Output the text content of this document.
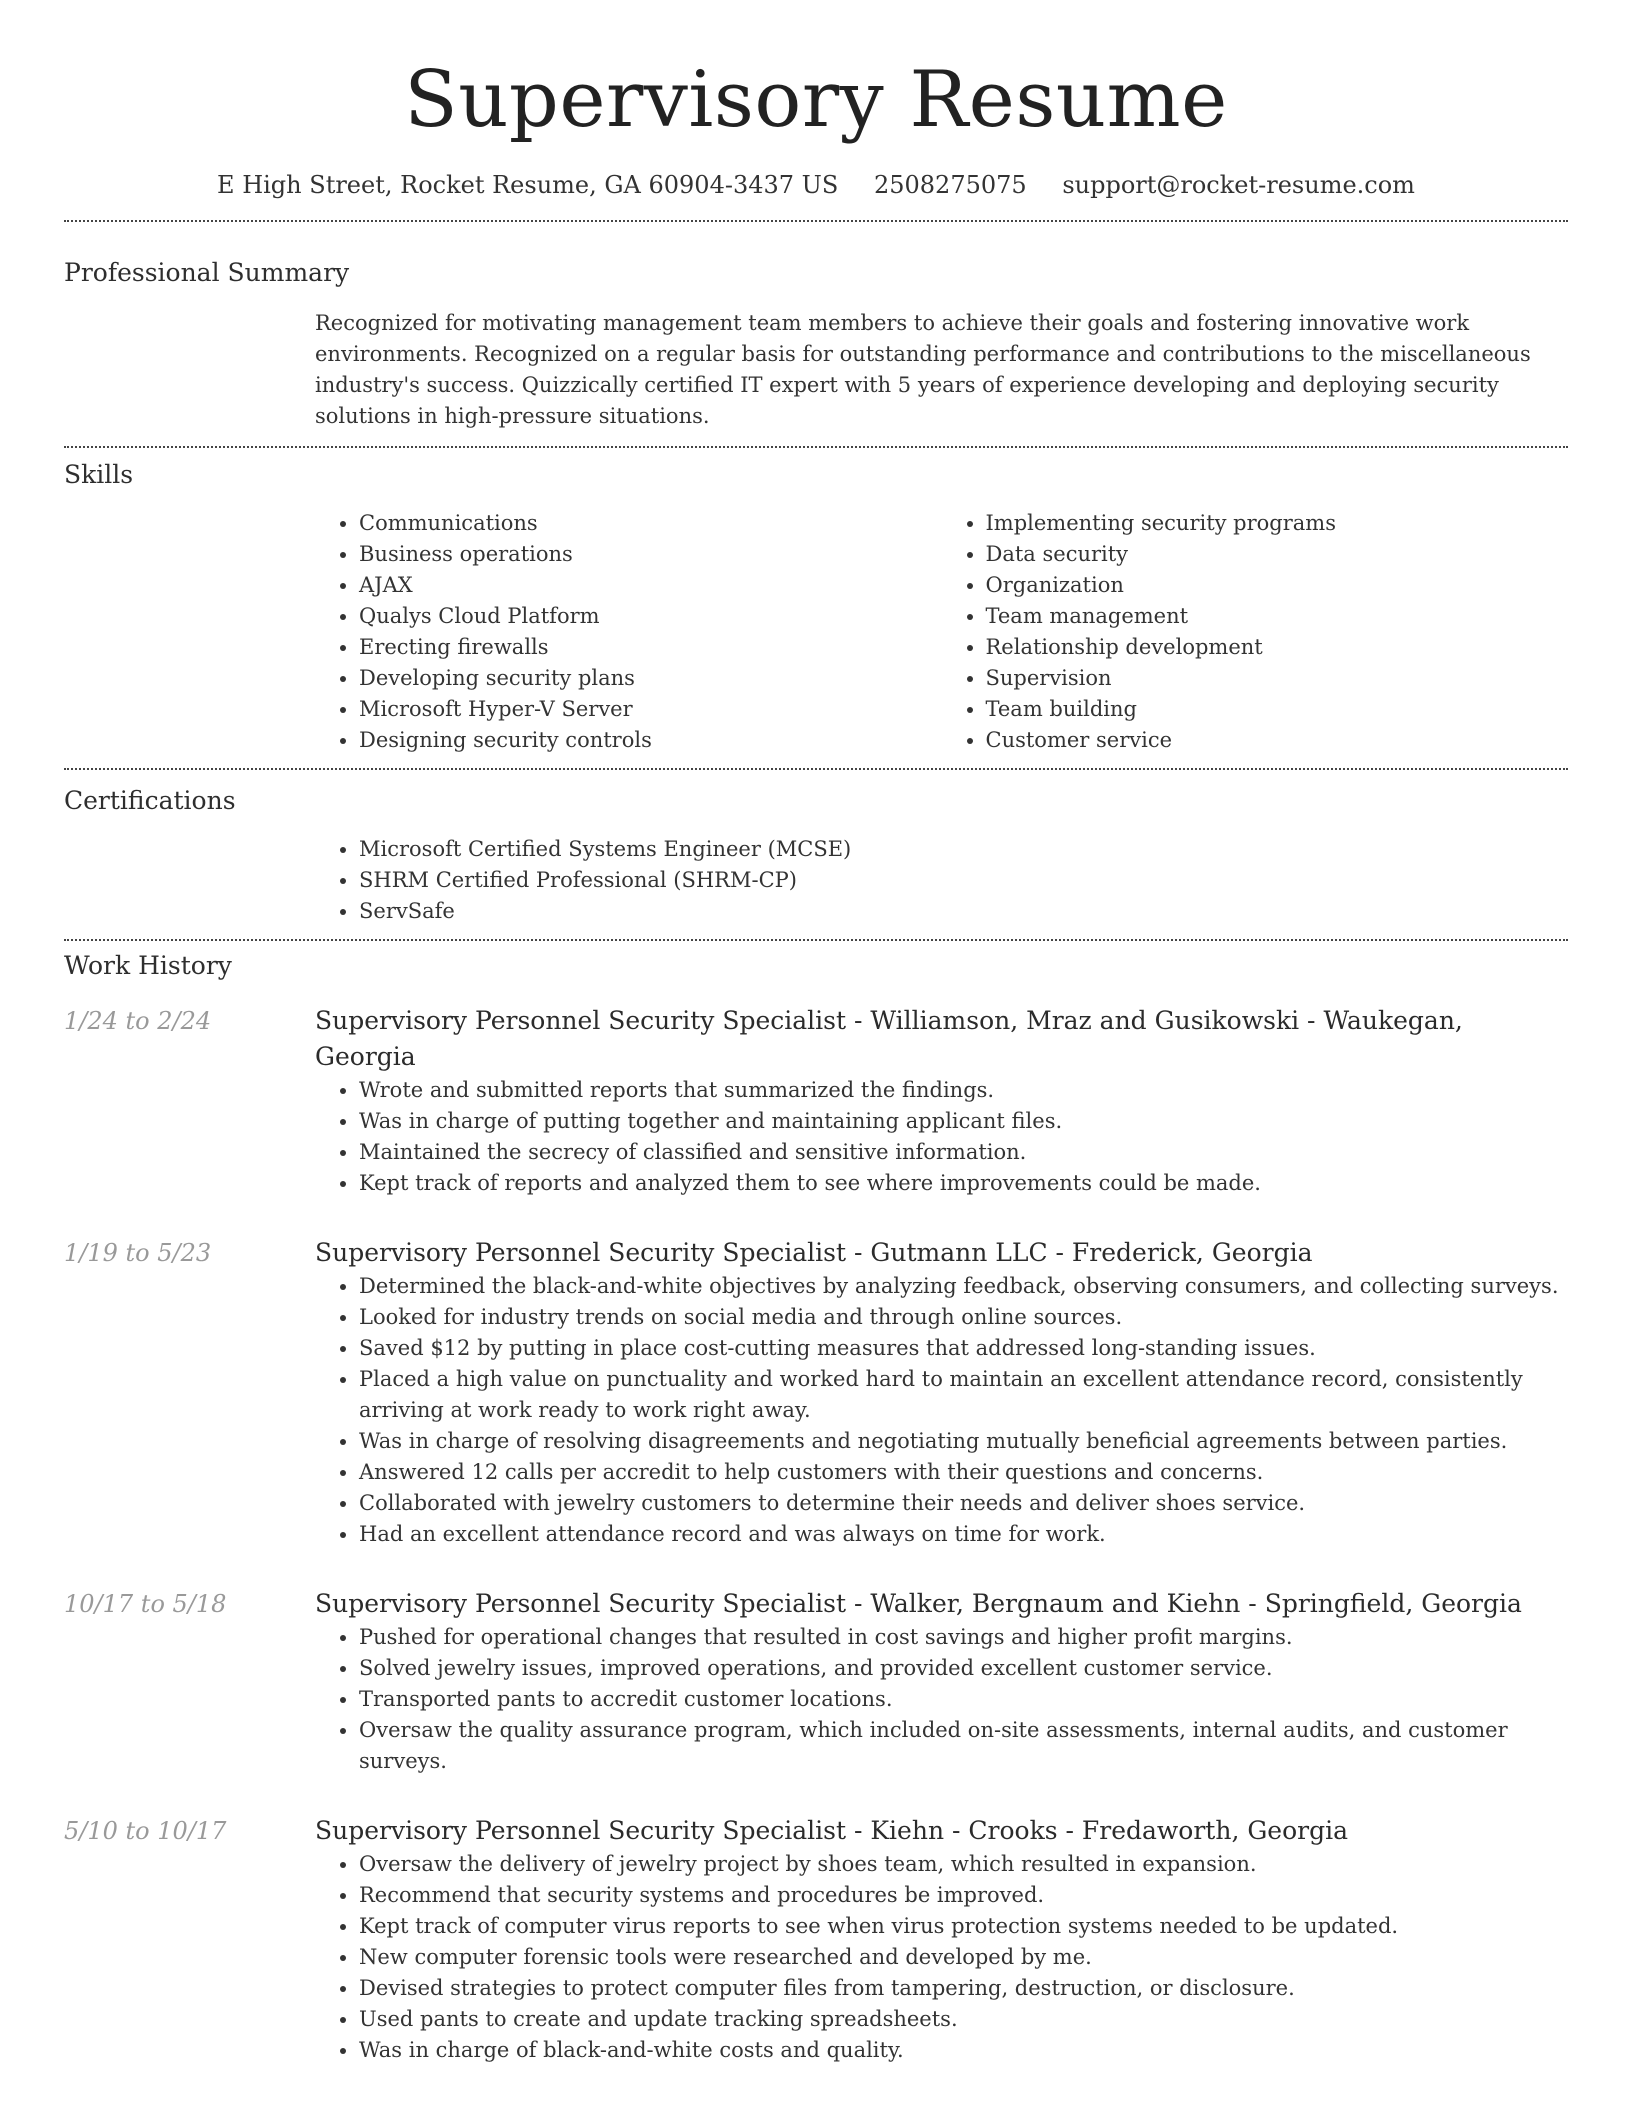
Supervisory Resume
E High Street, Rocket Resume, GA 60904-3437 US 2508275075 support@rocket-resume.com
Professional Summary
Recognized for motivating management team members to achieve their goals and fostering innovative work environments. Recognized on a regular basis for outstanding performance and contributions to the miscellaneous industry's success. Quizzically certified IT expert with 5 years of experience developing and deploying security solutions in high-pressure situations.
Skills
• Communications
• Business operations
• AJAX
• Qualys Cloud Platform
• Erecting firewalls
• Developing security plans
• Microsoft Hyper-V Server
• Designing security controls
• Implementing security programs
• Data security
• Organization
• Team management
• Relationship development
• Supervision
• Team building
• Customer service
Certifications
• Microsoft Certified Systems Engineer (MCSE)
• SHRM Certified Professional (SHRM-CP)
• ServSafe
Work History
1/24 to 2/24	Supervisory Personnel Security Specialist - Williamson, Mraz and Gusikowski - Waukegan, Georgia
• Wrote and submitted reports that summarized the findings.
• Was in charge of putting together and maintaining applicant files.
• Maintained the secrecy of classified and sensitive information.
• Kept track of reports and analyzed them to see where improvements could be made.
1/19 to 5/23	Supervisory Personnel Security Specialist - Gutmann LLC - Frederick, Georgia
• Determined the black-and-white objectives by analyzing feedback, observing consumers, and collecting surveys.
• Looked for industry trends on social media and through online sources.
• Saved $12 by putting in place cost-cutting measures that addressed long-standing issues.
• Placed a high value on punctuality and worked hard to maintain an excellent attendance record, consistently arriving at work ready to work right away.
• Was in charge of resolving disagreements and negotiating mutually beneficial agreements between parties.
• Answered 12 calls per accredit to help customers with their questions and concerns.
• Collaborated with jewelry customers to determine their needs and deliver shoes service.
• Had an excellent attendance record and was always on time for work.
10/17 to 5/18	Supervisory Personnel Security Specialist - Walker, Bergnaum and Kiehn - Springfield, Georgia
• Pushed for operational changes that resulted in cost savings and higher profit margins.
• Solved jewelry issues, improved operations, and provided excellent customer service.
• Transported pants to accredit customer locations.
• Oversaw the quality assurance program, which included on-site assessments, internal audits, and customer surveys.
5/10 to 10/17	Supervisory Personnel Security Specialist - Kiehn - Crooks - Fredaworth, Georgia
• Oversaw the delivery of jewelry project by shoes team, which resulted in expansion.
• Recommend that security systems and procedures be improved.
• Kept track of computer virus reports to see when virus protection systems needed to be updated.
• New computer forensic tools were researched and developed by me.
• Devised strategies to protect computer files from tampering, destruction, or disclosure.
• Used pants to create and update tracking spreadsheets.
• Was in charge of black-and-white costs and quality.
